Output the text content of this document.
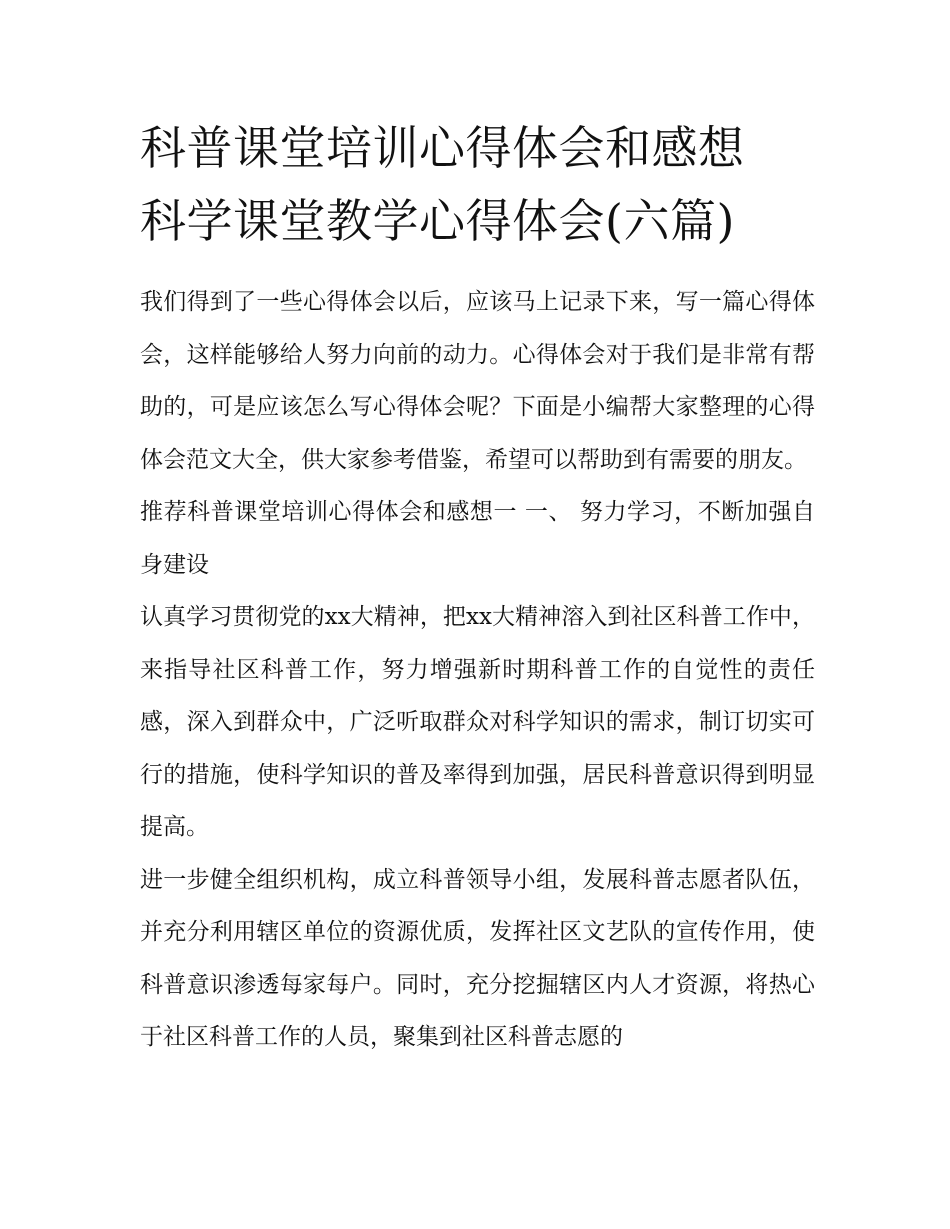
科普课堂培训心得体会和感想
科学课堂教学心得体会(六篇)

我们得到了一些心得体会以后，应该马上记录下来，写一篇心得体会，这样能够给人努力向前的动力。心得体会对于我们是非常有帮助的，可是应该怎么写心得体会呢？下面是小编帮大家整理的心得体会范文大全，供大家参考借鉴，希望可以帮助到有需要的朋友。

推荐科普课堂培训心得体会和感想一 一、 努力学习，不断加强自身建设

认真学习贯彻党的xx大精神，把xx大精神溶入到社区科普工作中，来指导社区科普工作，努力增强新时期科普工作的自觉性的责任感，深入到群众中，广泛听取群众对科学知识的需求，制订切实可行的措施，使科学知识的普及率得到加强，居民科普意识得到明显提高。

进一步健全组织机构，成立科普领导小组，发展科普志愿者队伍，并充分利用辖区单位的资源优质，发挥社区文艺队的宣传作用，使科普意识渗透每家每户。同时，充分挖掘辖区内人才资源，将热心于社区科普工作的人员，聚集到社区科普志愿的
